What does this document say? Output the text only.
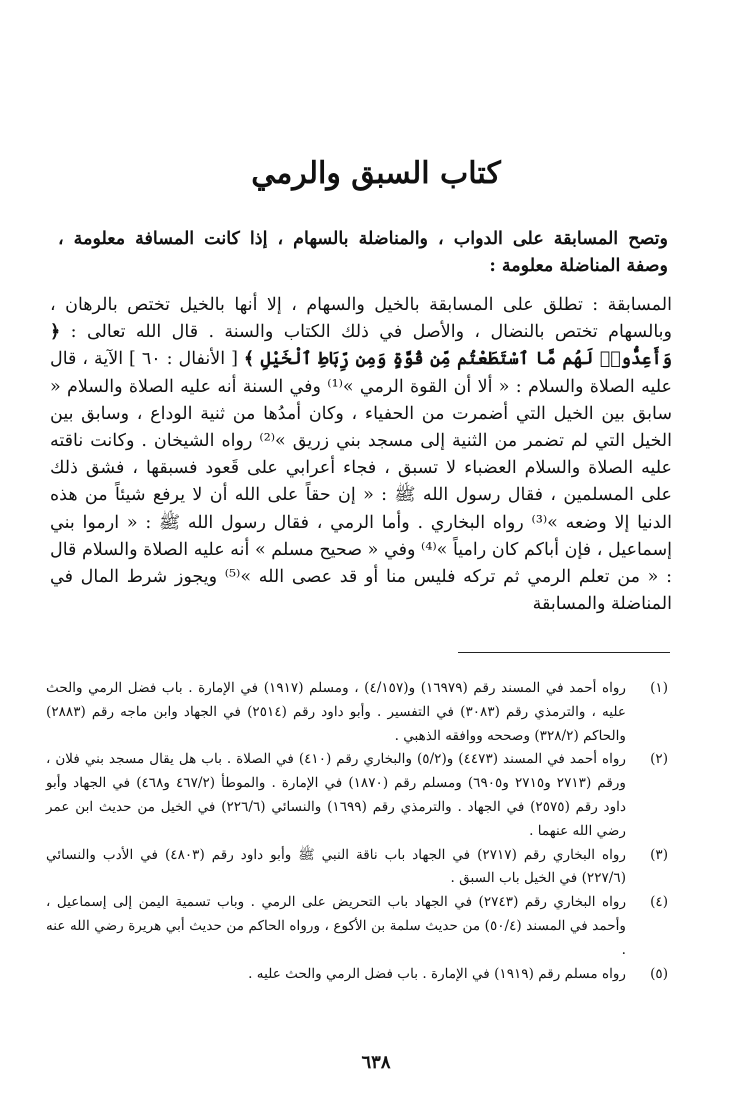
كتاب السبق والرمي
وتصح المسابقة على الدواب ، والمناضلة بالسهام ، إذا كانت المسافة معلومة ، وصفة المناضلة معلومة :

المسابقة : تطلق على المسابقة بالخيل والسهام ، إلا أنها بالخيل تختص بالرهان ، وبالسهام تختص بالنضال ، والأصل في ذلك الكتاب والسنة . قال الله تعالى : ﴿ وَأَعِدُّوا۟ لَهُم مَّا ٱسْتَطَعْتُم مِّن قُوَّةٍ وَمِن رِّبَاطِ ٱلْخَيْلِ ﴾ [ الأنفال : ٦٠ ] الآية ، قال عليه الصلاة والسلام : « ألا أن القوة الرمي »⁽¹⁾ وفي السنة أنه عليه الصلاة والسلام « سابق بين الخيل التي أضمرت من الحفياء ، وكان أمدُها من ثنية الوداع ، وسابق بين الخيل التي لم تضمر من الثنية إلى مسجد بني زريق »⁽²⁾ رواه الشيخان . وكانت ناقته عليه الصلاة والسلام العضباء لا تسبق ، فجاء أعرابي على قَعود فسبقها ، فشق ذلك على المسلمين ، فقال رسول الله ﷺ : « إن حقاً على الله أن لا يرفع شيئاً من هذه الدنيا إلا وضعه »⁽³⁾ رواه البخاري . وأما الرمي ، فقال رسول الله ﷺ : « ارموا بني إسماعيل ، فإن أباكم كان رامياً »⁽⁴⁾ وفي « صحيح مسلم » أنه عليه الصلاة والسلام قال : « من تعلم الرمي ثم تركه فليس منا أو قد عصى الله »⁽⁵⁾ ويجوز شرط المال في المناضلة والمسابقة

(١)
رواه أحمد في المسند رقم (١٦٩٧٩) و(٤/١٥٧) ، ومسلم (١٩١٧) في الإمارة . باب فضل الرمي والحث عليه ، والترمذي رقم (٣٠٨٣) في التفسير . وأبو داود رقم (٢٥١٤) في الجهاد وابن ماجه رقم (٢٨٨٣) والحاكم (٣٢٨/٢) وصححه ووافقه الذهبي .
(٢)
رواه أحمد في المسند (٤٤٧٣) و(٥/٢) والبخاري رقم (٤١٠) في الصلاة . باب هل يقال مسجد بني فلان ، ورقم (٢٧١٣ و٢٧١٥ و٦٩٠٥) ومسلم رقم (١٨٧٠) في الإمارة . والموطأ (٤٦٧/٢ و٤٦٨) في الجهاد وأبو داود رقم (٢٥٧٥) في الجهاد . والترمذي رقم (١٦٩٩) والنسائي (٢٢٦/٦) في الخيل من حديث ابن عمر رضي الله عنهما .
(٣)
رواه البخاري رقم (٢٧١٧) في الجهاد باب ناقة النبي ﷺ وأبو داود رقم (٤٨٠٣) في الأدب والنسائي (٢٢٧/٦) في الخيل باب السبق .
(٤)
رواه البخاري رقم (٢٧٤٣) في الجهاد باب التحريض على الرمي . وباب تسمية اليمن إلى إسماعيل ، وأحمد في المسند (٥٠/٤) من حديث سلمة بن الأكوع ، ورواه الحاكم من حديث أبي هريرة رضي الله عنه .
(٥)
رواه مسلم رقم (١٩١٩) في الإمارة . باب فضل الرمي والحث عليه .
٦٣٨
